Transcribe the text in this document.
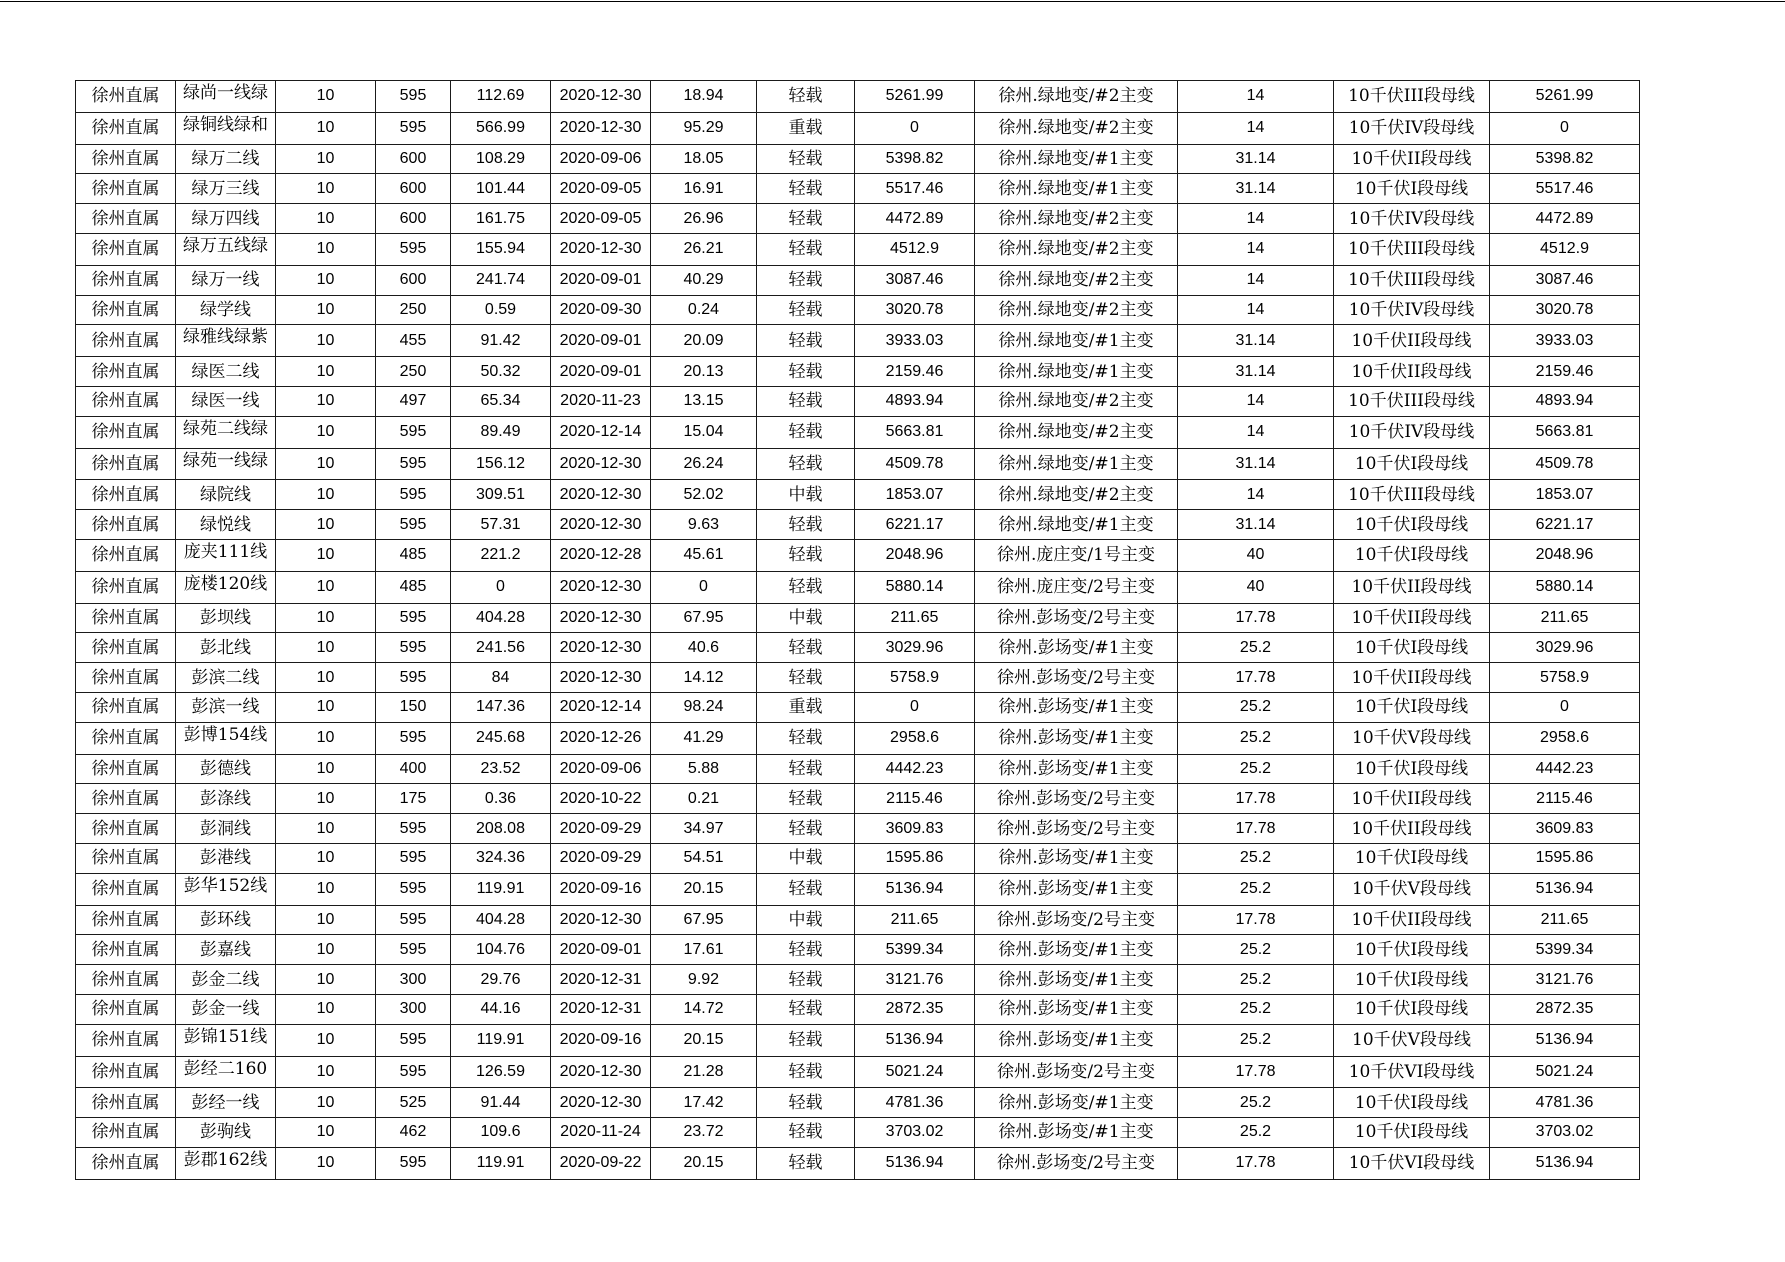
徐州直属	绿尚一线绿	10	595	112.69	2020-12-30	18.94	轻载	5261.99	徐州.绿地变/#2主变	14	10千伏III段母线	5261.99
徐州直属	绿铜线绿和	10	595	566.99	2020-12-30	95.29	重载	0	徐州.绿地变/#2主变	14	10千伏IV段母线	0
徐州直属	绿万二线	10	600	108.29	2020-09-06	18.05	轻载	5398.82	徐州.绿地变/#1主变	31.14	10千伏II段母线	5398.82
徐州直属	绿万三线	10	600	101.44	2020-09-05	16.91	轻载	5517.46	徐州.绿地变/#1主变	31.14	10千伏Ⅰ段母线	5517.46
徐州直属	绿万四线	10	600	161.75	2020-09-05	26.96	轻载	4472.89	徐州.绿地变/#2主变	14	10千伏IV段母线	4472.89
徐州直属	绿万五线绿	10	595	155.94	2020-12-30	26.21	轻载	4512.9	徐州.绿地变/#2主变	14	10千伏III段母线	4512.9
徐州直属	绿万一线	10	600	241.74	2020-09-01	40.29	轻载	3087.46	徐州.绿地变/#2主变	14	10千伏III段母线	3087.46
徐州直属	绿学线	10	250	0.59	2020-09-30	0.24	轻载	3020.78	徐州.绿地变/#2主变	14	10千伏IV段母线	3020.78
徐州直属	绿雅线绿紫	10	455	91.42	2020-09-01	20.09	轻载	3933.03	徐州.绿地变/#1主变	31.14	10千伏II段母线	3933.03
徐州直属	绿医二线	10	250	50.32	2020-09-01	20.13	轻载	2159.46	徐州.绿地变/#1主变	31.14	10千伏II段母线	2159.46
徐州直属	绿医一线	10	497	65.34	2020-11-23	13.15	轻载	4893.94	徐州.绿地变/#2主变	14	10千伏III段母线	4893.94
徐州直属	绿苑二线绿	10	595	89.49	2020-12-14	15.04	轻载	5663.81	徐州.绿地变/#2主变	14	10千伏IV段母线	5663.81
徐州直属	绿苑一线绿	10	595	156.12	2020-12-30	26.24	轻载	4509.78	徐州.绿地变/#1主变	31.14	10千伏Ⅰ段母线	4509.78
徐州直属	绿院线	10	595	309.51	2020-12-30	52.02	中载	1853.07	徐州.绿地变/#2主变	14	10千伏III段母线	1853.07
徐州直属	绿悦线	10	595	57.31	2020-12-30	9.63	轻载	6221.17	徐州.绿地变/#1主变	31.14	10千伏Ⅰ段母线	6221.17
徐州直属	庞夹111线	10	485	221.2	2020-12-28	45.61	轻载	2048.96	徐州.庞庄变/1号主变	40	10千伏Ⅰ段母线	2048.96
徐州直属	庞楼120线	10	485	0	2020-12-30	0	轻载	5880.14	徐州.庞庄变/2号主变	40	10千伏II段母线	5880.14
徐州直属	彭坝线	10	595	404.28	2020-12-30	67.95	中载	211.65	徐州.彭场变/2号主变	17.78	10千伏II段母线	211.65
徐州直属	彭北线	10	595	241.56	2020-12-30	40.6	轻载	3029.96	徐州.彭场变/#1主变	25.2	10千伏Ⅰ段母线	3029.96
徐州直属	彭滨二线	10	595	84	2020-12-30	14.12	轻载	5758.9	徐州.彭场变/2号主变	17.78	10千伏II段母线	5758.9
徐州直属	彭滨一线	10	150	147.36	2020-12-14	98.24	重载	0	徐州.彭场变/#1主变	25.2	10千伏Ⅰ段母线	0
徐州直属	彭博154线	10	595	245.68	2020-12-26	41.29	轻载	2958.6	徐州.彭场变/#1主变	25.2	10千伏V段母线	2958.6
徐州直属	彭德线	10	400	23.52	2020-09-06	5.88	轻载	4442.23	徐州.彭场变/#1主变	25.2	10千伏Ⅰ段母线	4442.23
徐州直属	彭涤线	10	175	0.36	2020-10-22	0.21	轻载	2115.46	徐州.彭场变/2号主变	17.78	10千伏II段母线	2115.46
徐州直属	彭洞线	10	595	208.08	2020-09-29	34.97	轻载	3609.83	徐州.彭场变/2号主变	17.78	10千伏II段母线	3609.83
徐州直属	彭港线	10	595	324.36	2020-09-29	54.51	中载	1595.86	徐州.彭场变/#1主变	25.2	10千伏Ⅰ段母线	1595.86
徐州直属	彭华152线	10	595	119.91	2020-09-16	20.15	轻载	5136.94	徐州.彭场变/#1主变	25.2	10千伏V段母线	5136.94
徐州直属	彭环线	10	595	404.28	2020-12-30	67.95	中载	211.65	徐州.彭场变/2号主变	17.78	10千伏II段母线	211.65
徐州直属	彭嘉线	10	595	104.76	2020-09-01	17.61	轻载	5399.34	徐州.彭场变/#1主变	25.2	10千伏Ⅰ段母线	5399.34
徐州直属	彭金二线	10	300	29.76	2020-12-31	9.92	轻载	3121.76	徐州.彭场变/#1主变	25.2	10千伏Ⅰ段母线	3121.76
徐州直属	彭金一线	10	300	44.16	2020-12-31	14.72	轻载	2872.35	徐州.彭场变/#1主变	25.2	10千伏Ⅰ段母线	2872.35
徐州直属	彭锦151线	10	595	119.91	2020-09-16	20.15	轻载	5136.94	徐州.彭场变/#1主变	25.2	10千伏V段母线	5136.94
徐州直属	彭经二160	10	595	126.59	2020-12-30	21.28	轻载	5021.24	徐州.彭场变/2号主变	17.78	10千伏VI段母线	5021.24
徐州直属	彭经一线	10	525	91.44	2020-12-30	17.42	轻载	4781.36	徐州.彭场变/#1主变	25.2	10千伏Ⅰ段母线	4781.36
徐州直属	彭驹线	10	462	109.6	2020-11-24	23.72	轻载	3703.02	徐州.彭场变/#1主变	25.2	10千伏Ⅰ段母线	3703.02
徐州直属	彭郡162线	10	595	119.91	2020-09-22	20.15	轻载	5136.94	徐州.彭场变/2号主变	17.78	10千伏VI段母线	5136.94
